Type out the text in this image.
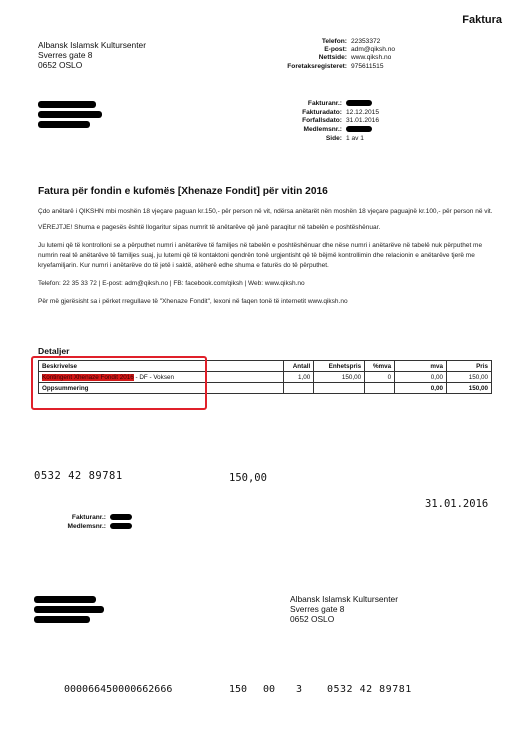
Faktura
Albansk Islamsk Kultursenter
Sverres gate 8
0652 OSLO
Telefon: 22353372
E-post: adm@qiksh.no
Nettside: www.qiksh.no
Foretaksregisteret: 975611515
Fakturanr.:
Fakturadato: 12.12.2015
Forfallsdato: 31.01.2016
Medlemsnr.:
Side: 1 av 1
Fatura për fondin e kufomës [Xhenaze Fondit] për vitin 2016

Çdo anëtarë i QIKSHN mbi moshën 18 vjeçare paguan kr.150,- për person në vit, ndërsa anëtarët nën moshën 18 vjeçare paguajnë kr.100,- për person në vit.

VËREJTJE! Shuma e pagesës është llogaritur sipas numrit të anëtarëve që janë paraqitur në tabelën e poshtëshënuar.

Ju lutemi që të kontrolloni se a përputhet numri i anëtarëve të familjes në tabelën e poshtëshënuar dhe nëse numri i anëtarëve në tabelë nuk përputhet me numrin real të anëtarëve të familjes suaj, ju lutemi që të kontaktoni qendrën tonë urgjentisht që të bëjmë kontrollimin dhe relacionin e anëtarëve tjerë me kryefamiljarin. Kur numri i anëtarëve do të jetë i saktë, atëherë edhe shuma e faturës do të përputhet.

Telefon: 22 35 33 72 | E-post: adm@qiksh.no | FB: facebook.com/qiksh | Web: www.qiksh.no

Për më gjerësisht sa i përket rregullave të "Xhenaze Fondit", lexoni në faqen tonë të internetit www.qiksh.no

Detaljer
Beskrivelse	Antall	Enhetspris	%mva	mva	Pris
Kontingent Xhenaze Fondit 2016 - DF - Voksen	1,00	150,00	0	0,00	150,00
Oppsummering				0,00	150,00
0532 42 89781	150,00
31.01.2016
Fakturanr.:
Medlemsnr.:
Albansk Islamsk Kultursenter
Sverres gate 8
0652 OSLO
000066450000662666	150 00 3 0532 42 89781
